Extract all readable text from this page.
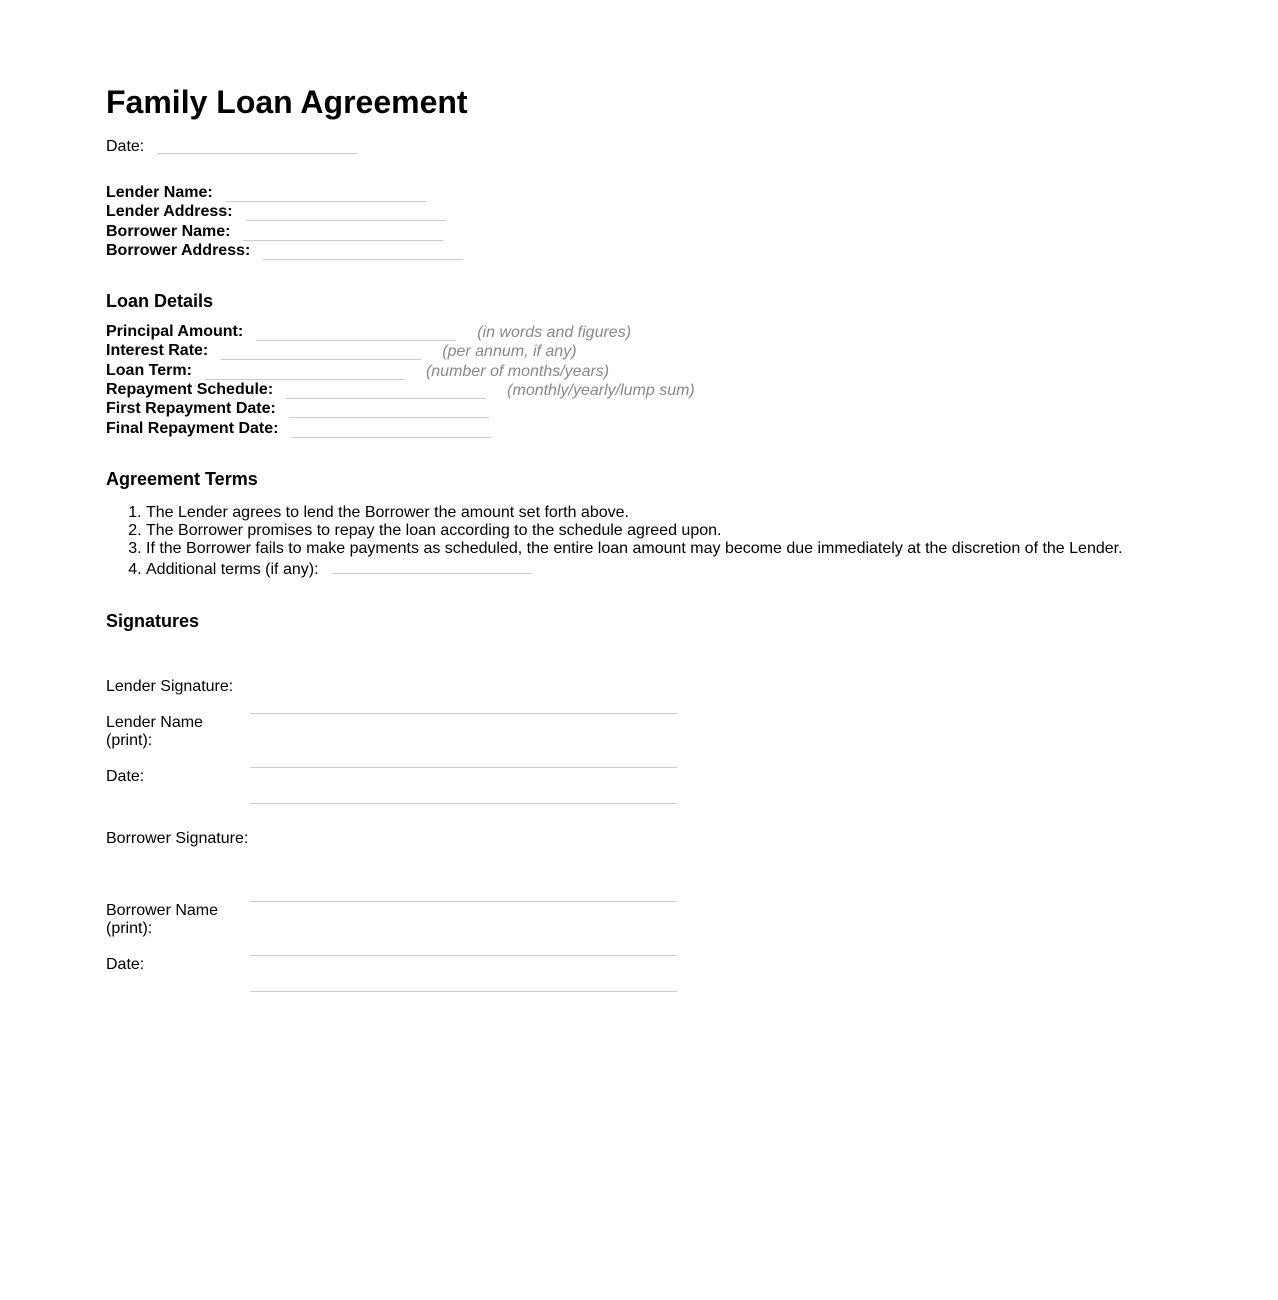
Family Loan Agreement
Date:
Lender Name:
Lender Address:
Borrower Name:
Borrower Address:
Loan Details
Principal Amount:	(in words and figures)
Interest Rate:	(per annum, if any)
Loan Term:	(number of months/years)
Repayment Schedule:	(monthly/yearly/lump sum)
First Repayment Date:
Final Repayment Date:
Agreement Terms
1. The Lender agrees to lend the Borrower the amount set forth above.
2. The Borrower promises to repay the loan according to the schedule agreed upon.
3. If the Borrower fails to make payments as scheduled, the entire loan amount may become due immediately at the discretion of the Lender.
4. Additional terms (if any):
Signatures
Lender Signature:
Lender Name (print):
Date:
Borrower Signature:
Borrower Name (print):
Date:
